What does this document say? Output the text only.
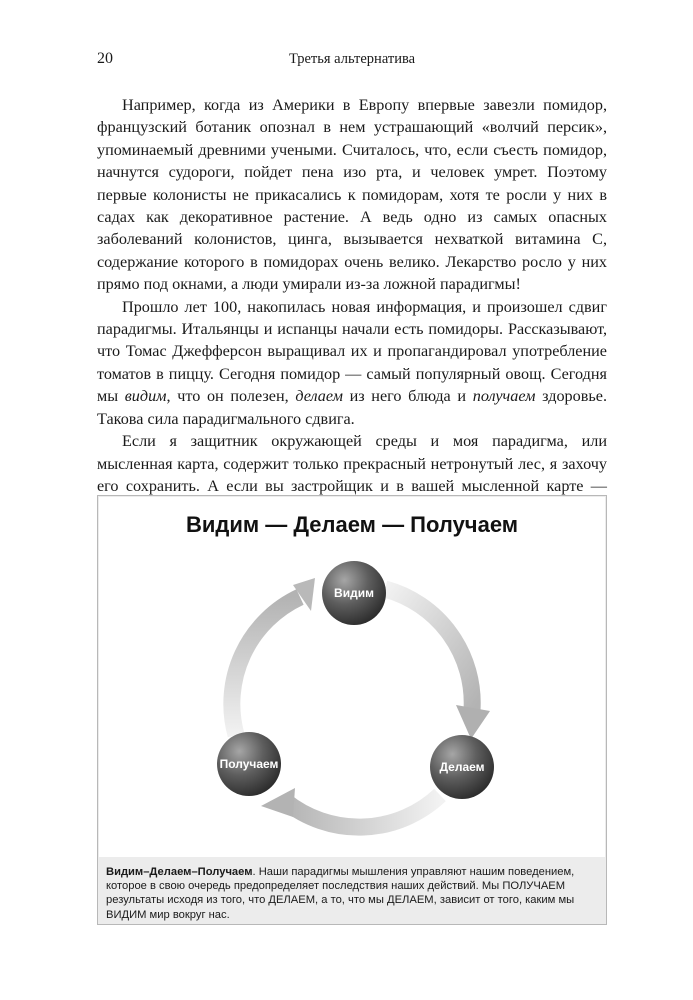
20	Третья альтернатива

Например, когда из Америки в Европу впервые завезли помидор, французский ботаник опознал в нем устрашающий «волчий персик», упоминаемый древними учеными. Считалось, что, если съесть помидор, начнутся судороги, пойдет пена изо рта, и человек умрет. Поэтому первые колонисты не прикасались к помидорам, хотя те росли у них в садах как декоративное растение. А ведь одно из самых опасных заболеваний колонистов, цинга, вызывается нехваткой витамина С, содержание которого в помидорах очень велико. Лекарство росло у них прямо под окнами, а люди умирали из-за ложной парадигмы!

Прошло лет 100, накопилась новая информация, и произошел сдвиг парадигмы. Итальянцы и испанцы начали есть помидоры. Рассказывают, что Томас Джефферсон выращивал их и пропагандировал употребление томатов в пиццу. Сегодня помидор — самый популярный овощ. Сегодня мы видим, что он полезен, делаем из него блюда и получаем здоровье. Такова сила парадигмального сдвига.

Если я защитник окружающей среды и моя парадигма, или мысленная карта, содержит только прекрасный нетронутый лес, я захочу его сохранить. А если вы застройщик и в вашей мысленной карте —

Видим — Делаем — Получаем
Видим
Делаем
Получаем
Видим–Делаем–Получаем. Наши парадигмы мышления управляют нашим поведением, которое в свою очередь предопределяет последствия наших действий. Мы ПОЛУЧАЕМ результаты исходя из того, что ДЕЛАЕМ, а то, что мы ДЕЛАЕМ, зависит от того, каким мы ВИДИМ мир вокруг нас.
